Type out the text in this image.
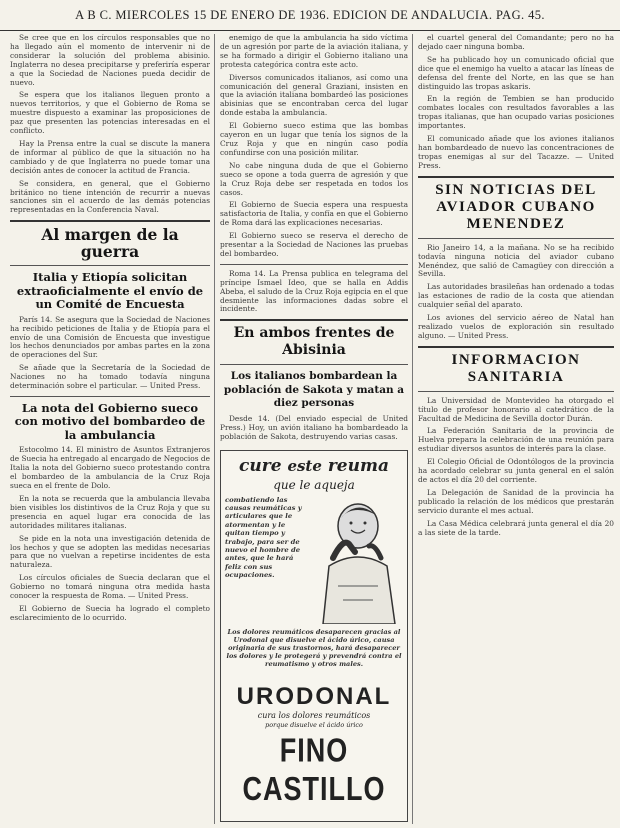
A B C. MIERCOLES 15 DE ENERO DE 1936. EDICION DE ANDALUCIA. PAG. 45.

Se cree que en los círculos responsables que no ha llegado aún el momento de intervenir ni de considerar la solución del problema abisinio. Inglaterra no desea precipitarse y preferiría esperar a que la Sociedad de Naciones pueda decidir de nuevo.

Se espera que los italianos lleguen pronto a nuevos territorios, y que el Gobierno de Roma se muestre dispuesto a examinar las proposiciones de paz que presenten las potencias interesadas en el conflicto.

Hay la Prensa entre la cual se discute la manera de informar al público de que la situación no ha cambiado y de que Inglaterra no puede tomar una decisión antes de conocer la actitud de Francia.

Se considera, en general, que el Gobierno británico no tiene intención de recurrir a nuevas sanciones sin el acuerdo de las demás potencias representadas en la Conferencia Naval.

Al margen de la guerra
Italia y Etiopía solicitan extraoficialmente el envío de un Comité de Encuesta

París 14. Se asegura que la Sociedad de Naciones ha recibido peticiones de Italia y de Etiopía para el envío de una Comisión de Encuesta que investigue los hechos denunciados por ambas partes en la zona de operaciones del Sur.

Se añade que la Secretaría de la Sociedad de Naciones no ha tomado todavía ninguna determinación sobre el particular. — United Press.

La nota del Gobierno sueco con motivo del bombardeo de la ambulancia

Estocolmo 14. El ministro de Asuntos Extranjeros de Suecia ha entregado al encargado de Negocios de Italia la nota del Gobierno sueco protestando contra el bombardeo de la ambulancia de la Cruz Roja sueca en el frente de Dolo.

En la nota se recuerda que la ambulancia llevaba bien visibles los distintivos de la Cruz Roja y que su presencia en aquel lugar era conocida de las autoridades militares italianas.

Se pide en la nota una investigación detenida de los hechos y que se adopten las medidas necesarias para que no vuelvan a repetirse incidentes de esta naturaleza.

Los círculos oficiales de Suecia declaran que el Gobierno no tomará ninguna otra medida hasta conocer la respuesta de Roma. — United Press.

El Gobierno de Suecia ha logrado el completo esclarecimiento de lo ocurrido.

enemigo de que la ambulancia ha sido víctima de un agresión por parte de la aviación italiana, y se ha formado a dirigir el Gobierno italiano una protesta categórica contra este acto.

Diversos comunicados italianos, así como una comunicación del general Graziani, insisten en que la aviación italiana bombardeó las posiciones abisinias que se encontraban cerca del lugar donde estaba la ambulancia.

El Gobierno sueco estima que las bombas cayeron en un lugar que tenía los signos de la Cruz Roja y que en ningún caso podía confundirse con una posición militar.

No cabe ninguna duda de que el Gobierno sueco se opone a toda guerra de agresión y que la Cruz Roja debe ser respetada en todos los casos.

El Gobierno de Suecia espera una respuesta satisfactoria de Italia, y confía en que el Gobierno de Roma dará las explicaciones necesarias.

El Gobierno sueco se reserva el derecho de presentar a la Sociedad de Naciones las pruebas del bombardeo.

Roma 14. La Prensa publica en telegrama del príncipe Ismael Ideo, que se halla en Addis Abeba, el saludo de la Cruz Roja egipcia en el que desmiente las informaciones dadas sobre el incidente.

En ambos frentes de Abisinia
Los italianos bombardean la población de Sakota y matan a diez personas

Desde 14. (Del enviado especial de United Press.) Hoy, un avión italiano ha bombardeado la población de Sakota, destruyendo varias casas.

cure este reuma
que le aqueja
combatiendo las causas reumáticas y articulares que le atormentan y le quitan tiempo y trabajo, para ser de nuevo el hombre de antes, que le hará feliz con sus ocupaciones.
Los dolores reumáticos desaparecen gracias al Urodonal que disuelve el ácido úrico, causa originaria de sus trastornos, hará desaparecer los dolores y le protegerá y prevendrá contra el reumatismo y otros males.
URODONAL
cura los dolores reumáticos
porque disuelve el ácido úrico
FINO CASTILLO

el cuartel general del Comandante; pero no ha dejado caer ninguna bomba.

Se ha publicado hoy un comunicado oficial que dice que el enemigo ha vuelto a atacar las líneas de defensa del frente del Norte, en las que se han distinguido las tropas askaris.

En la región de Tembien se han producido combates locales con resultados favorables a las tropas italianas, que han ocupado varias posiciones importantes.

El comunicado añade que los aviones italianos han bombardeado de nuevo las concentraciones de tropas enemigas al sur del Tacazze. — United Press.

SIN NOTICIAS DEL AVIADOR CUBANO MENENDEZ

Rio Janeiro 14, a la mañana. No se ha recibido todavía ninguna noticia del aviador cubano Menéndez, que salió de Camagüey con dirección a Sevilla.

Las autoridades brasileñas han ordenado a todas las estaciones de radio de la costa que atiendan cualquier señal del aparato.

Los aviones del servicio aéreo de Natal han realizado vuelos de exploración sin resultado alguno. — United Press.

INFORMACION SANITARIA

La Universidad de Montevideo ha otorgado el título de profesor honorario al catedrático de la Facultad de Medicina de Sevilla doctor Durán.

La Federación Sanitaria de la provincia de Huelva prepara la celebración de una reunión para estudiar diversos asuntos de interés para la clase.

El Colegio Oficial de Odontólogos de la provincia ha acordado celebrar su junta general en el salón de actos el día 20 del corriente.

La Delegación de Sanidad de la provincia ha publicado la relación de los médicos que prestarán servicio durante el mes actual.

La Casa Médica celebrará junta general el día 20 a las siete de la tarde.
